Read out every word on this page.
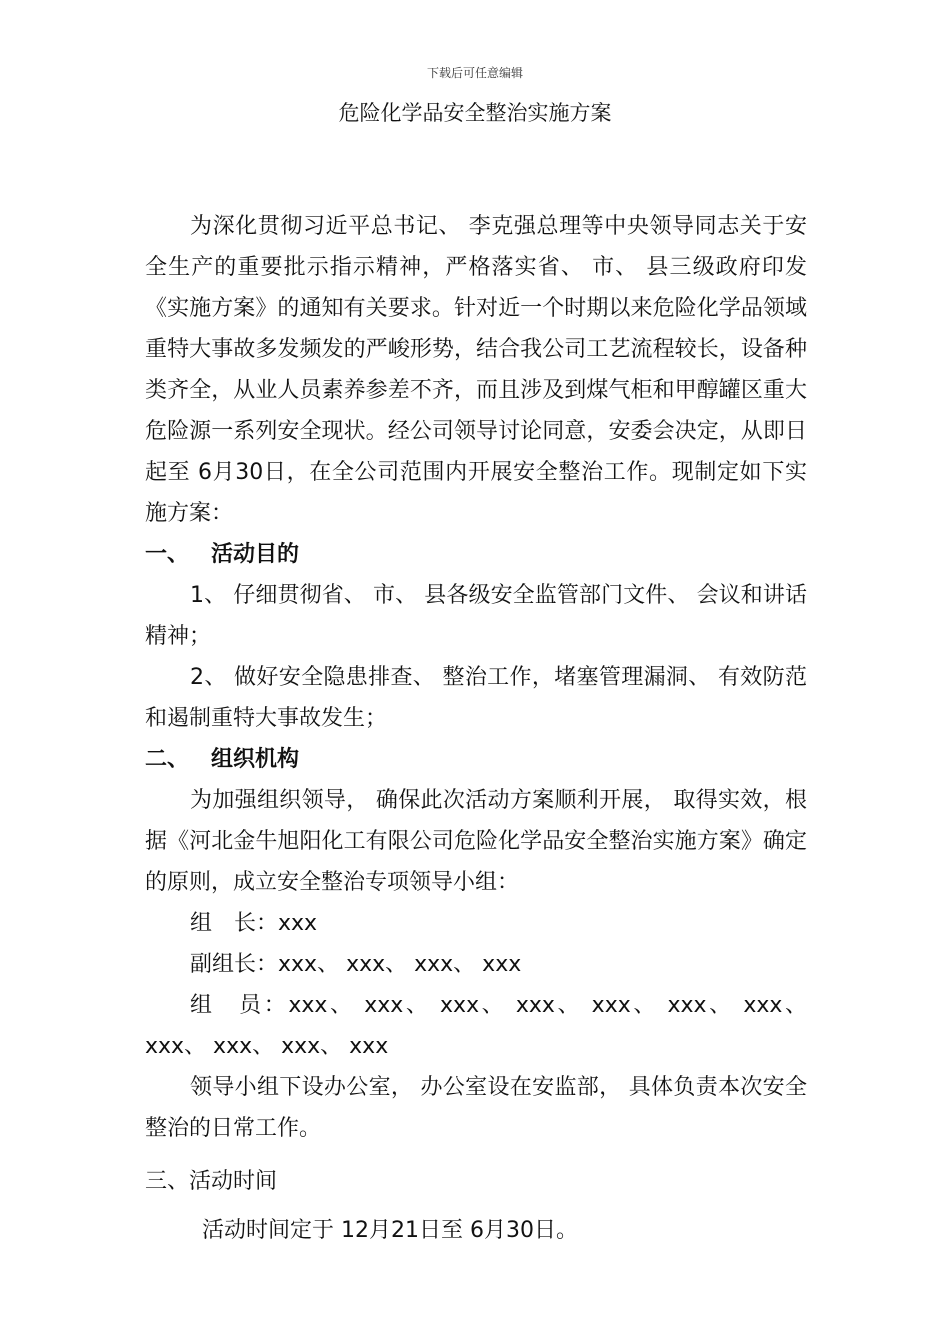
下载后可任意编辑
危险化学品安全整治实施方案

为深化贯彻习近平总书记、 李克强总理等中央领导同志关于安全生产的重要批示指示精神，严格落实省、 市、 县三级政府印发《实施方案》的通知有关要求。针对近一个时期以来危险化学品领域重特大事故多发频发的严峻形势，结合我公司工艺流程较长，设备种类齐全，从业人员素养参差不齐，而且涉及到煤气柜和甲醇罐区重大危险源一系列安全现状。经公司领导讨论同意，安委会决定，从即日起至 6月30日，在全公司范围内开展安全整治工作。现制定如下实施方案：

一、 活动目的

1、 仔细贯彻省、 市、 县各级安全监管部门文件、 会议和讲话精神；

2、 做好安全隐患排查、 整治工作，堵塞管理漏洞、 有效防范和遏制重特大事故发生；

二、 组织机构

为加强组织领导， 确保此次活动方案顺利开展， 取得实效，根据《河北金牛旭阳化工有限公司危险化学品安全整治实施方案》确定的原则，成立安全整治专项领导小组：

组　长：xxx

副组长：xxx、 xxx、 xxx、 xxx

组　员：xxx、 xxx、 xxx、 xxx、 xxx、 xxx、 xxx、xxx、 xxx、 xxx、 xxx

领导小组下设办公室， 办公室设在安监部， 具体负责本次安全整治的日常工作。

三、活动时间

活动时间定于 12月21日至 6月30日。
